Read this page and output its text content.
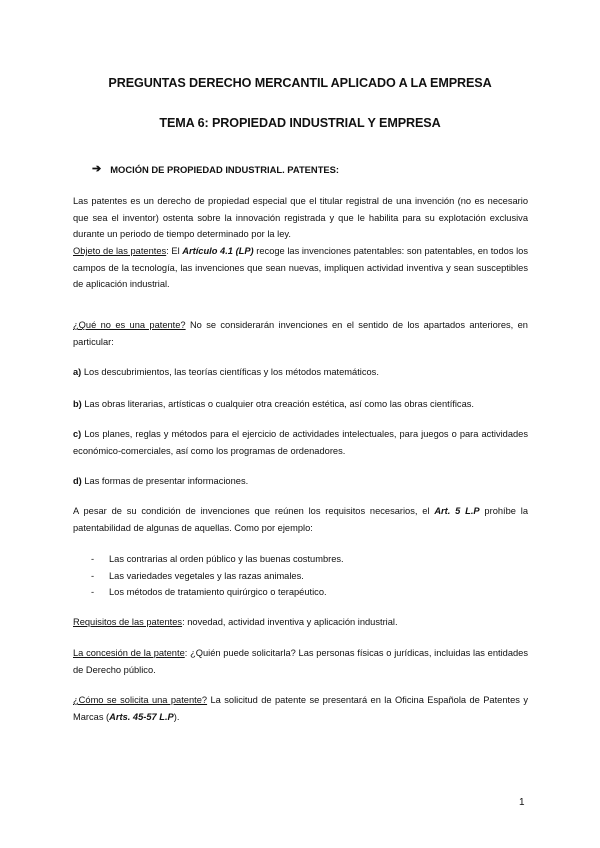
PREGUNTAS DERECHO MERCANTIL APLICADO A LA EMPRESA
TEMA 6: PROPIEDAD INDUSTRIAL Y EMPRESA
➔ MOCIÓN DE PROPIEDAD INDUSTRIAL. PATENTES:

Las patentes es un derecho de propiedad especial que el titular registral de una invención (no es necesario que sea el inventor) ostenta sobre la innovación registrada y que le habilita para su explotación exclusiva durante un periodo de tiempo determinado por la ley.

Objeto de las patentes: El Artículo 4.1 (LP) recoge las invenciones patentables: son patentables, en todos los campos de la tecnología, las invenciones que sean nuevas, impliquen actividad inventiva y sean susceptibles de aplicación industrial.

¿Qué no es una patente? No se considerarán invenciones en el sentido de los apartados anteriores, en particular:

a) Los descubrimientos, las teorías científicas y los métodos matemáticos.

b) Las obras literarias, artísticas o cualquier otra creación estética, así como las obras científicas.

c) Los planes, reglas y métodos para el ejercicio de actividades intelectuales, para juegos o para actividades económico-comerciales, así como los programas de ordenadores.

d) Las formas de presentar informaciones.

A pesar de su condición de invenciones que reúnen los requisitos necesarios, el Art. 5 L.P prohíbe la patentabilidad de algunas de aquellas. Como por ejemplo:

- Las contrarias al orden público y las buenas costumbres.
- Las variedades vegetales y las razas animales.
- Los métodos de tratamiento quirúrgico o terapéutico.

Requisitos de las patentes: novedad, actividad inventiva y aplicación industrial.

La concesión de la patente: ¿Quién puede solicitarla? Las personas físicas o jurídicas, incluidas las entidades de Derecho público.

¿Cómo se solicita una patente? La solicitud de patente se presentará en la Oficina Española de Patentes y Marcas (Arts. 45-57 L.P).

1
